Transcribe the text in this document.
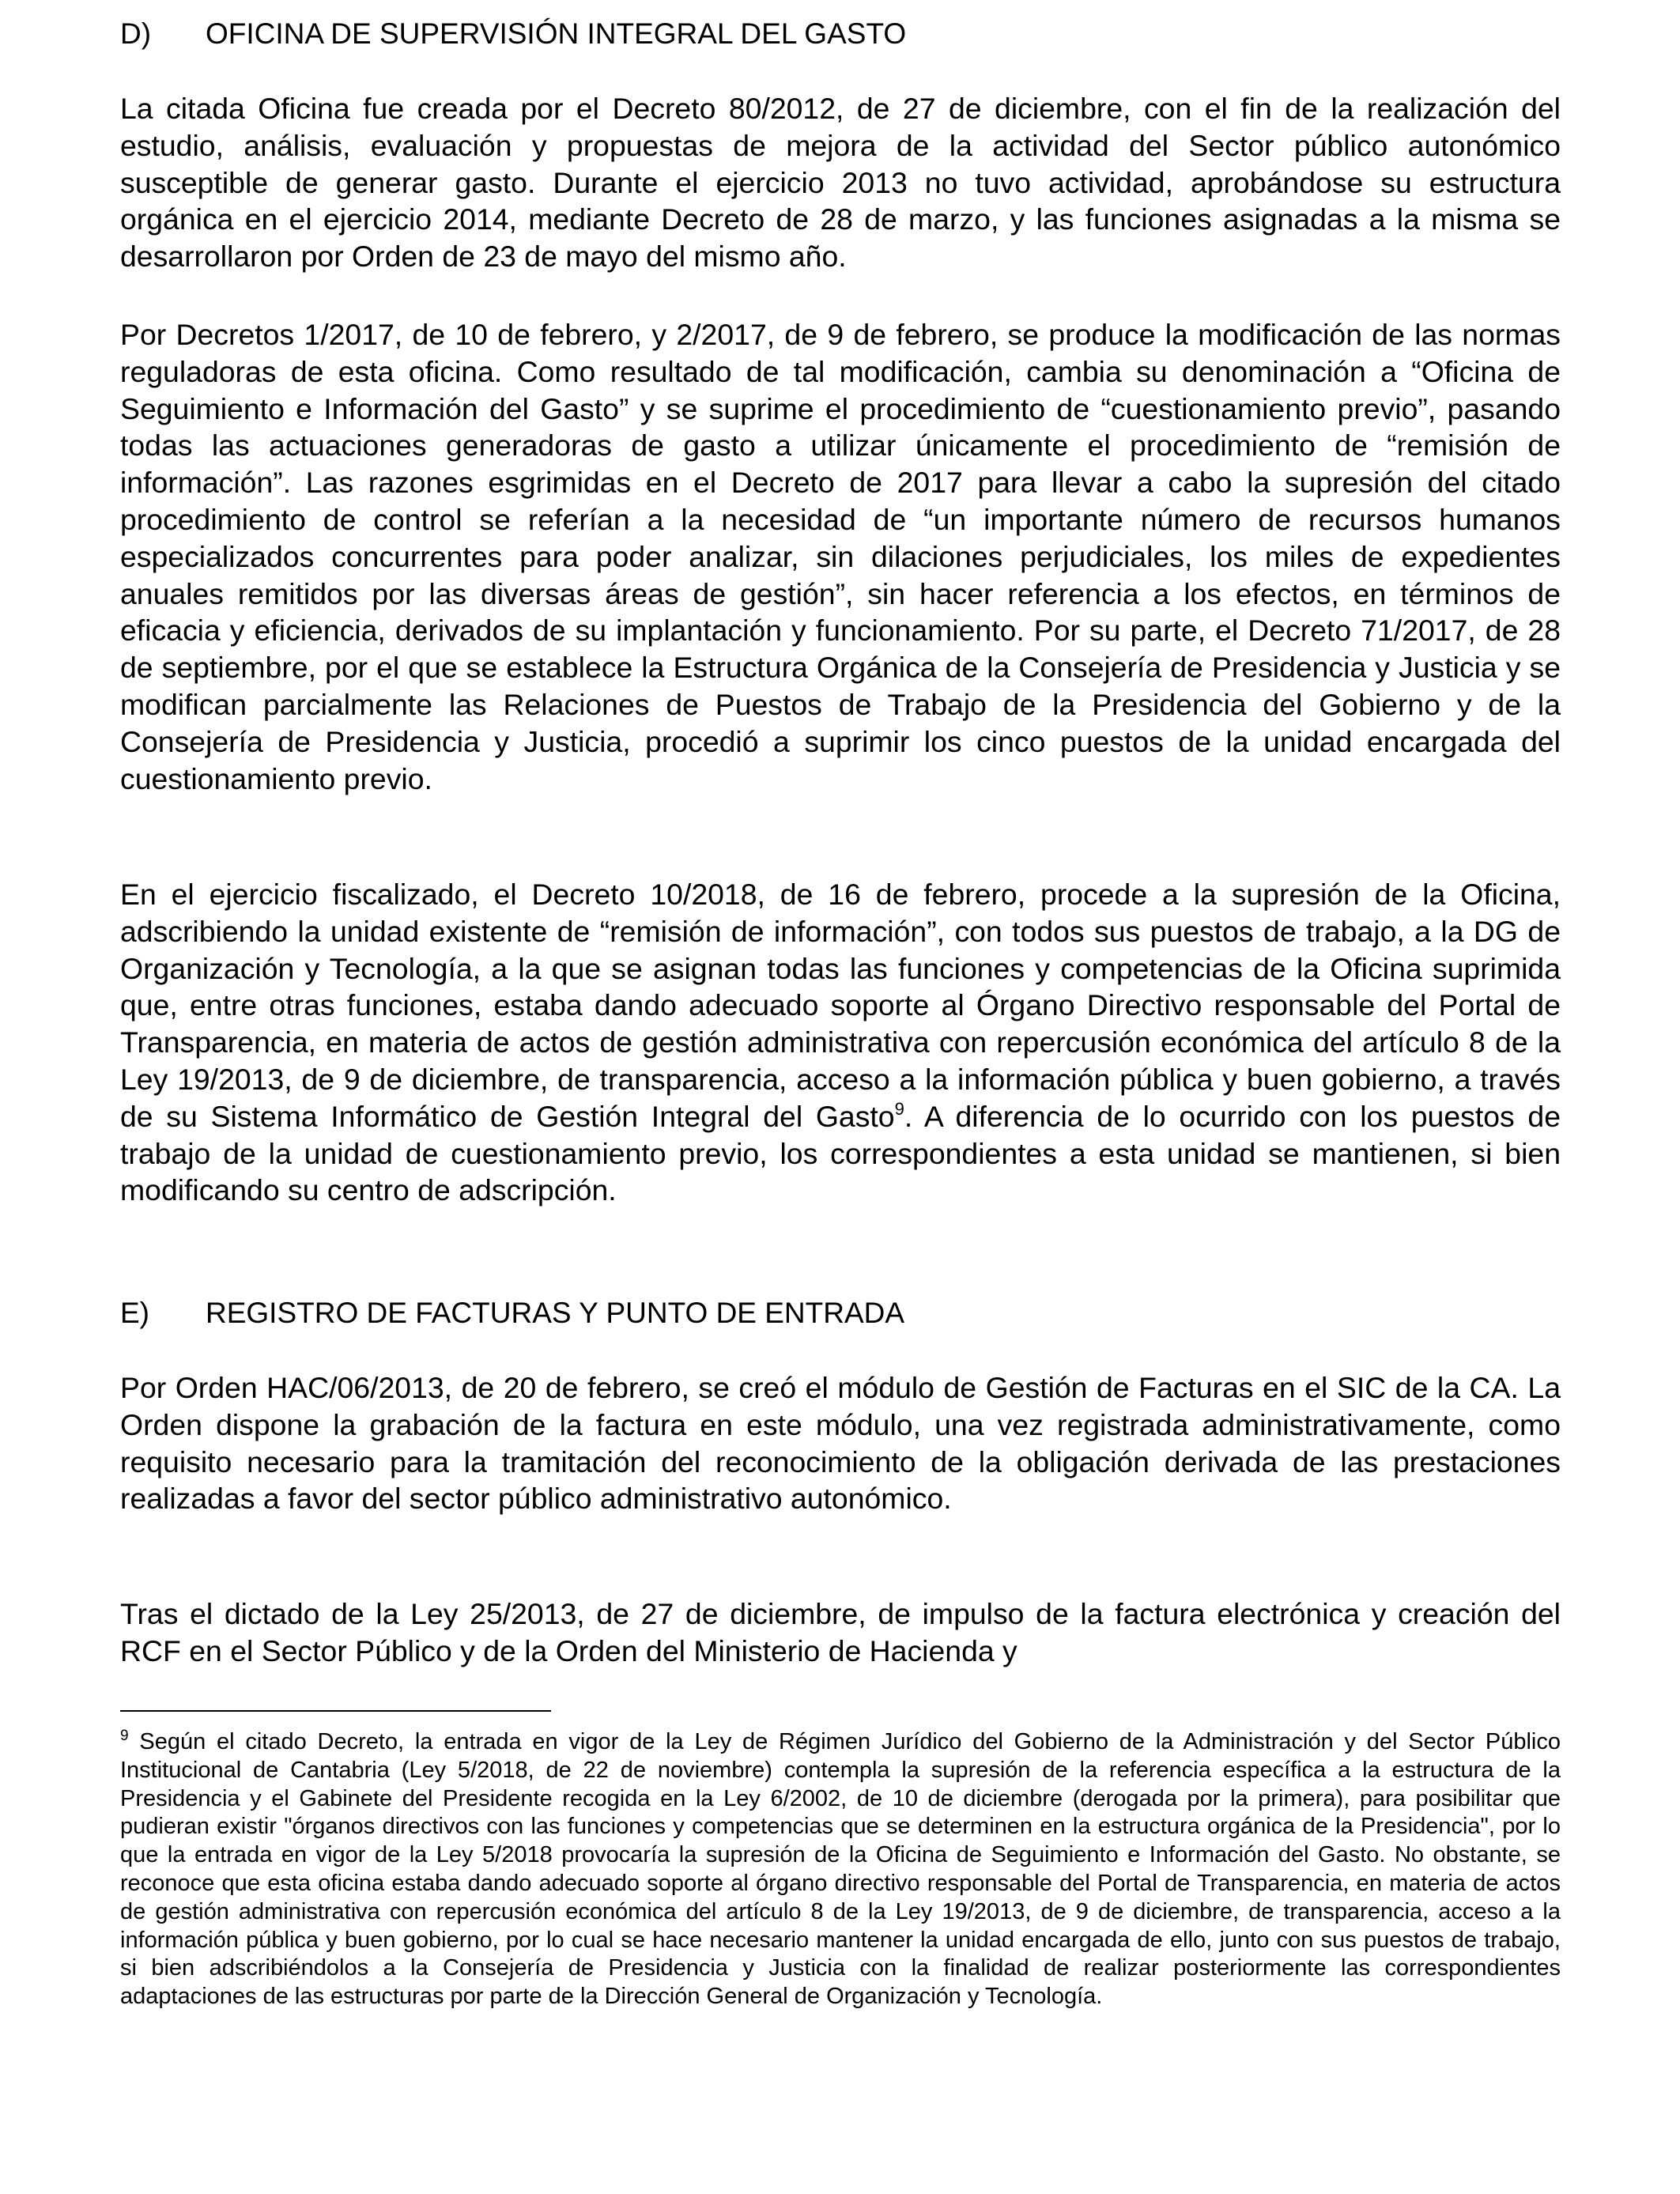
D) OFICINA DE SUPERVISIÓN INTEGRAL DEL GASTO

La citada Oficina fue creada por el Decreto 80/2012, de 27 de diciembre, con el fin de la realización del estudio, análisis, evaluación y propuestas de mejora de la actividad del Sector público autonómico susceptible de generar gasto. Durante el ejercicio 2013 no tuvo actividad, aprobándose su estructura orgánica en el ejercicio 2014, mediante Decreto de 28 de marzo, y las funciones asignadas a la misma se desarrollaron por Orden de 23 de mayo del mismo año.

Por Decretos 1/2017, de 10 de febrero, y 2/2017, de 9 de febrero, se produce la modificación de las normas reguladoras de esta oficina. Como resultado de tal modificación, cambia su denominación a “Oficina de Seguimiento e Información del Gasto” y se suprime el procedimiento de “cuestionamiento previo”, pasando todas las actuaciones generadoras de gasto a utilizar únicamente el procedimiento de “remisión de información”. Las razones esgrimidas en el Decreto de 2017 para llevar a cabo la supresión del citado procedimiento de control se referían a la necesidad de “un importante número de recursos humanos especializados concurrentes para poder analizar, sin dilaciones perjudiciales, los miles de expedientes anuales remitidos por las diversas áreas de gestión”, sin hacer referencia a los efectos, en términos de eficacia y eficiencia, derivados de su implantación y funcionamiento. Por su parte, el Decreto 71/2017, de 28 de septiembre, por el que se establece la Estructura Orgánica de la Consejería de Presidencia y Justicia y se modifican parcialmente las Relaciones de Puestos de Trabajo de la Presidencia del Gobierno y de la Consejería de Presidencia y Justicia, procedió a suprimir los cinco puestos de la unidad encargada del cuestionamiento previo.

En el ejercicio fiscalizado, el Decreto 10/2018, de 16 de febrero, procede a la supresión de la Oficina, adscribiendo la unidad existente de “remisión de información”, con todos sus puestos de trabajo, a la DG de Organización y Tecnología, a la que se asignan todas las funciones y competencias de la Oficina suprimida que, entre otras funciones, estaba dando adecuado soporte al Órgano Directivo responsable del Portal de Transparencia, en materia de actos de gestión administrativa con repercusión económica del artículo 8 de la Ley 19/2013, de 9 de diciembre, de transparencia, acceso a la información pública y buen gobierno, a través de su Sistema Informático de Gestión Integral del Gasto$^9$. A diferencia de lo ocurrido con los puestos de trabajo de la unidad de cuestionamiento previo, los correspondientes a esta unidad se mantienen, si bien modificando su centro de adscripción.

E) REGISTRO DE FACTURAS Y PUNTO DE ENTRADA

Por Orden HAC/06/2013, de 20 de febrero, se creó el módulo de Gestión de Facturas en el SIC de la CA. La Orden dispone la grabación de la factura en este módulo, una vez registrada administrativamente, como requisito necesario para la tramitación del reconocimiento de la obligación derivada de las prestaciones realizadas a favor del sector público administrativo autonómico.

Tras el dictado de la Ley 25/2013, de 27 de diciembre, de impulso de la factura electrónica y creación del RCF en el Sector Público y de la Orden del Ministerio de Hacienda y

$^9$ Según el citado Decreto, la entrada en vigor de la Ley de Régimen Jurídico del Gobierno de la Administración y del Sector Público Institucional de Cantabria (Ley 5/2018, de 22 de noviembre) contempla la supresión de la referencia específica a la estructura de la Presidencia y el Gabinete del Presidente recogida en la Ley 6/2002, de 10 de diciembre (derogada por la primera), para posibilitar que pudieran existir "órganos directivos con las funciones y competencias que se determinen en la estructura orgánica de la Presidencia", por lo que la entrada en vigor de la Ley 5/2018 provocaría la supresión de la Oficina de Seguimiento e Información del Gasto. No obstante, se reconoce que esta oficina estaba dando adecuado soporte al órgano directivo responsable del Portal de Transparencia, en materia de actos de gestión administrativa con repercusión económica del artículo 8 de la Ley 19/2013, de 9 de diciembre, de transparencia, acceso a la información pública y buen gobierno, por lo cual se hace necesario mantener la unidad encargada de ello, junto con sus puestos de trabajo, si bien adscribiéndolos a la Consejería de Presidencia y Justicia con la finalidad de realizar posteriormente las correspondientes adaptaciones de las estructuras por parte de la Dirección General de Organización y Tecnología.
